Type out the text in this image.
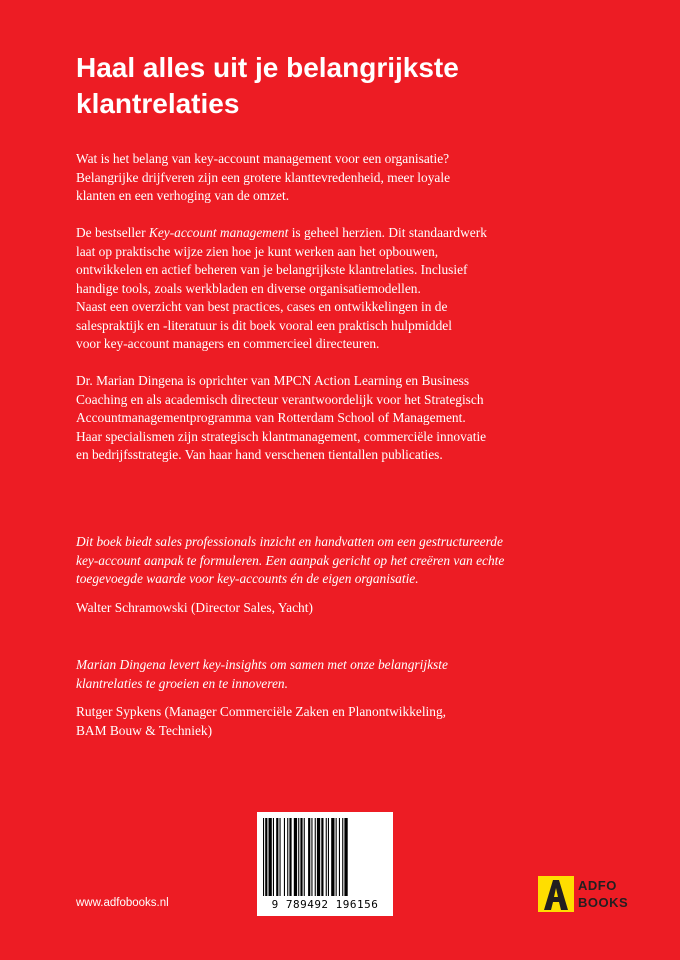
Haal alles uit je belangrijkste
klantrelaties

Wat is het belang van key-account management voor een organisatie?
Belangrijke drijfveren zijn een grotere klanttevredenheid, meer loyale
klanten en een verhoging van de omzet.

De bestseller Key-account management is geheel herzien. Dit standaardwerk
laat op praktische wijze zien hoe je kunt werken aan het opbouwen,
ontwikkelen en actief beheren van je belangrijkste klantrelaties. Inclusief
handige tools, zoals werkbladen en diverse organisatiemodellen.
Naast een overzicht van best practices, cases en ontwikkelingen in de
salespraktijk en -literatuur is dit boek vooral een praktisch hulpmiddel
voor key-account managers en commercieel directeuren.

Dr. Marian Dingena is oprichter van MPCN Action Learning en Business
Coaching en als academisch directeur verantwoordelijk voor het Strategisch
Accountmanagementprogramma van Rotterdam School of Management.
Haar specialismen zijn strategisch klantmanagement, commerciële innovatie
en bedrijfsstrategie. Van haar hand verschenen tientallen publicaties.

Dit boek biedt sales professionals inzicht en handvatten om een gestructureerde
key-account aanpak te formuleren. Een aanpak gericht op het creëren van echte
toegevoegde waarde voor key-accounts én de eigen organisatie.

Walter Schramowski (Director Sales, Yacht)

Marian Dingena levert key-insights om samen met onze belangrijkste
klantrelaties te groeien en te innoveren.

Rutger Sypkens (Manager Commerciële Zaken en Planontwikkeling,
BAM Bouw & Techniek)

www.adfobooks.nl	9 789492 196156
ADFO
BOOKS
